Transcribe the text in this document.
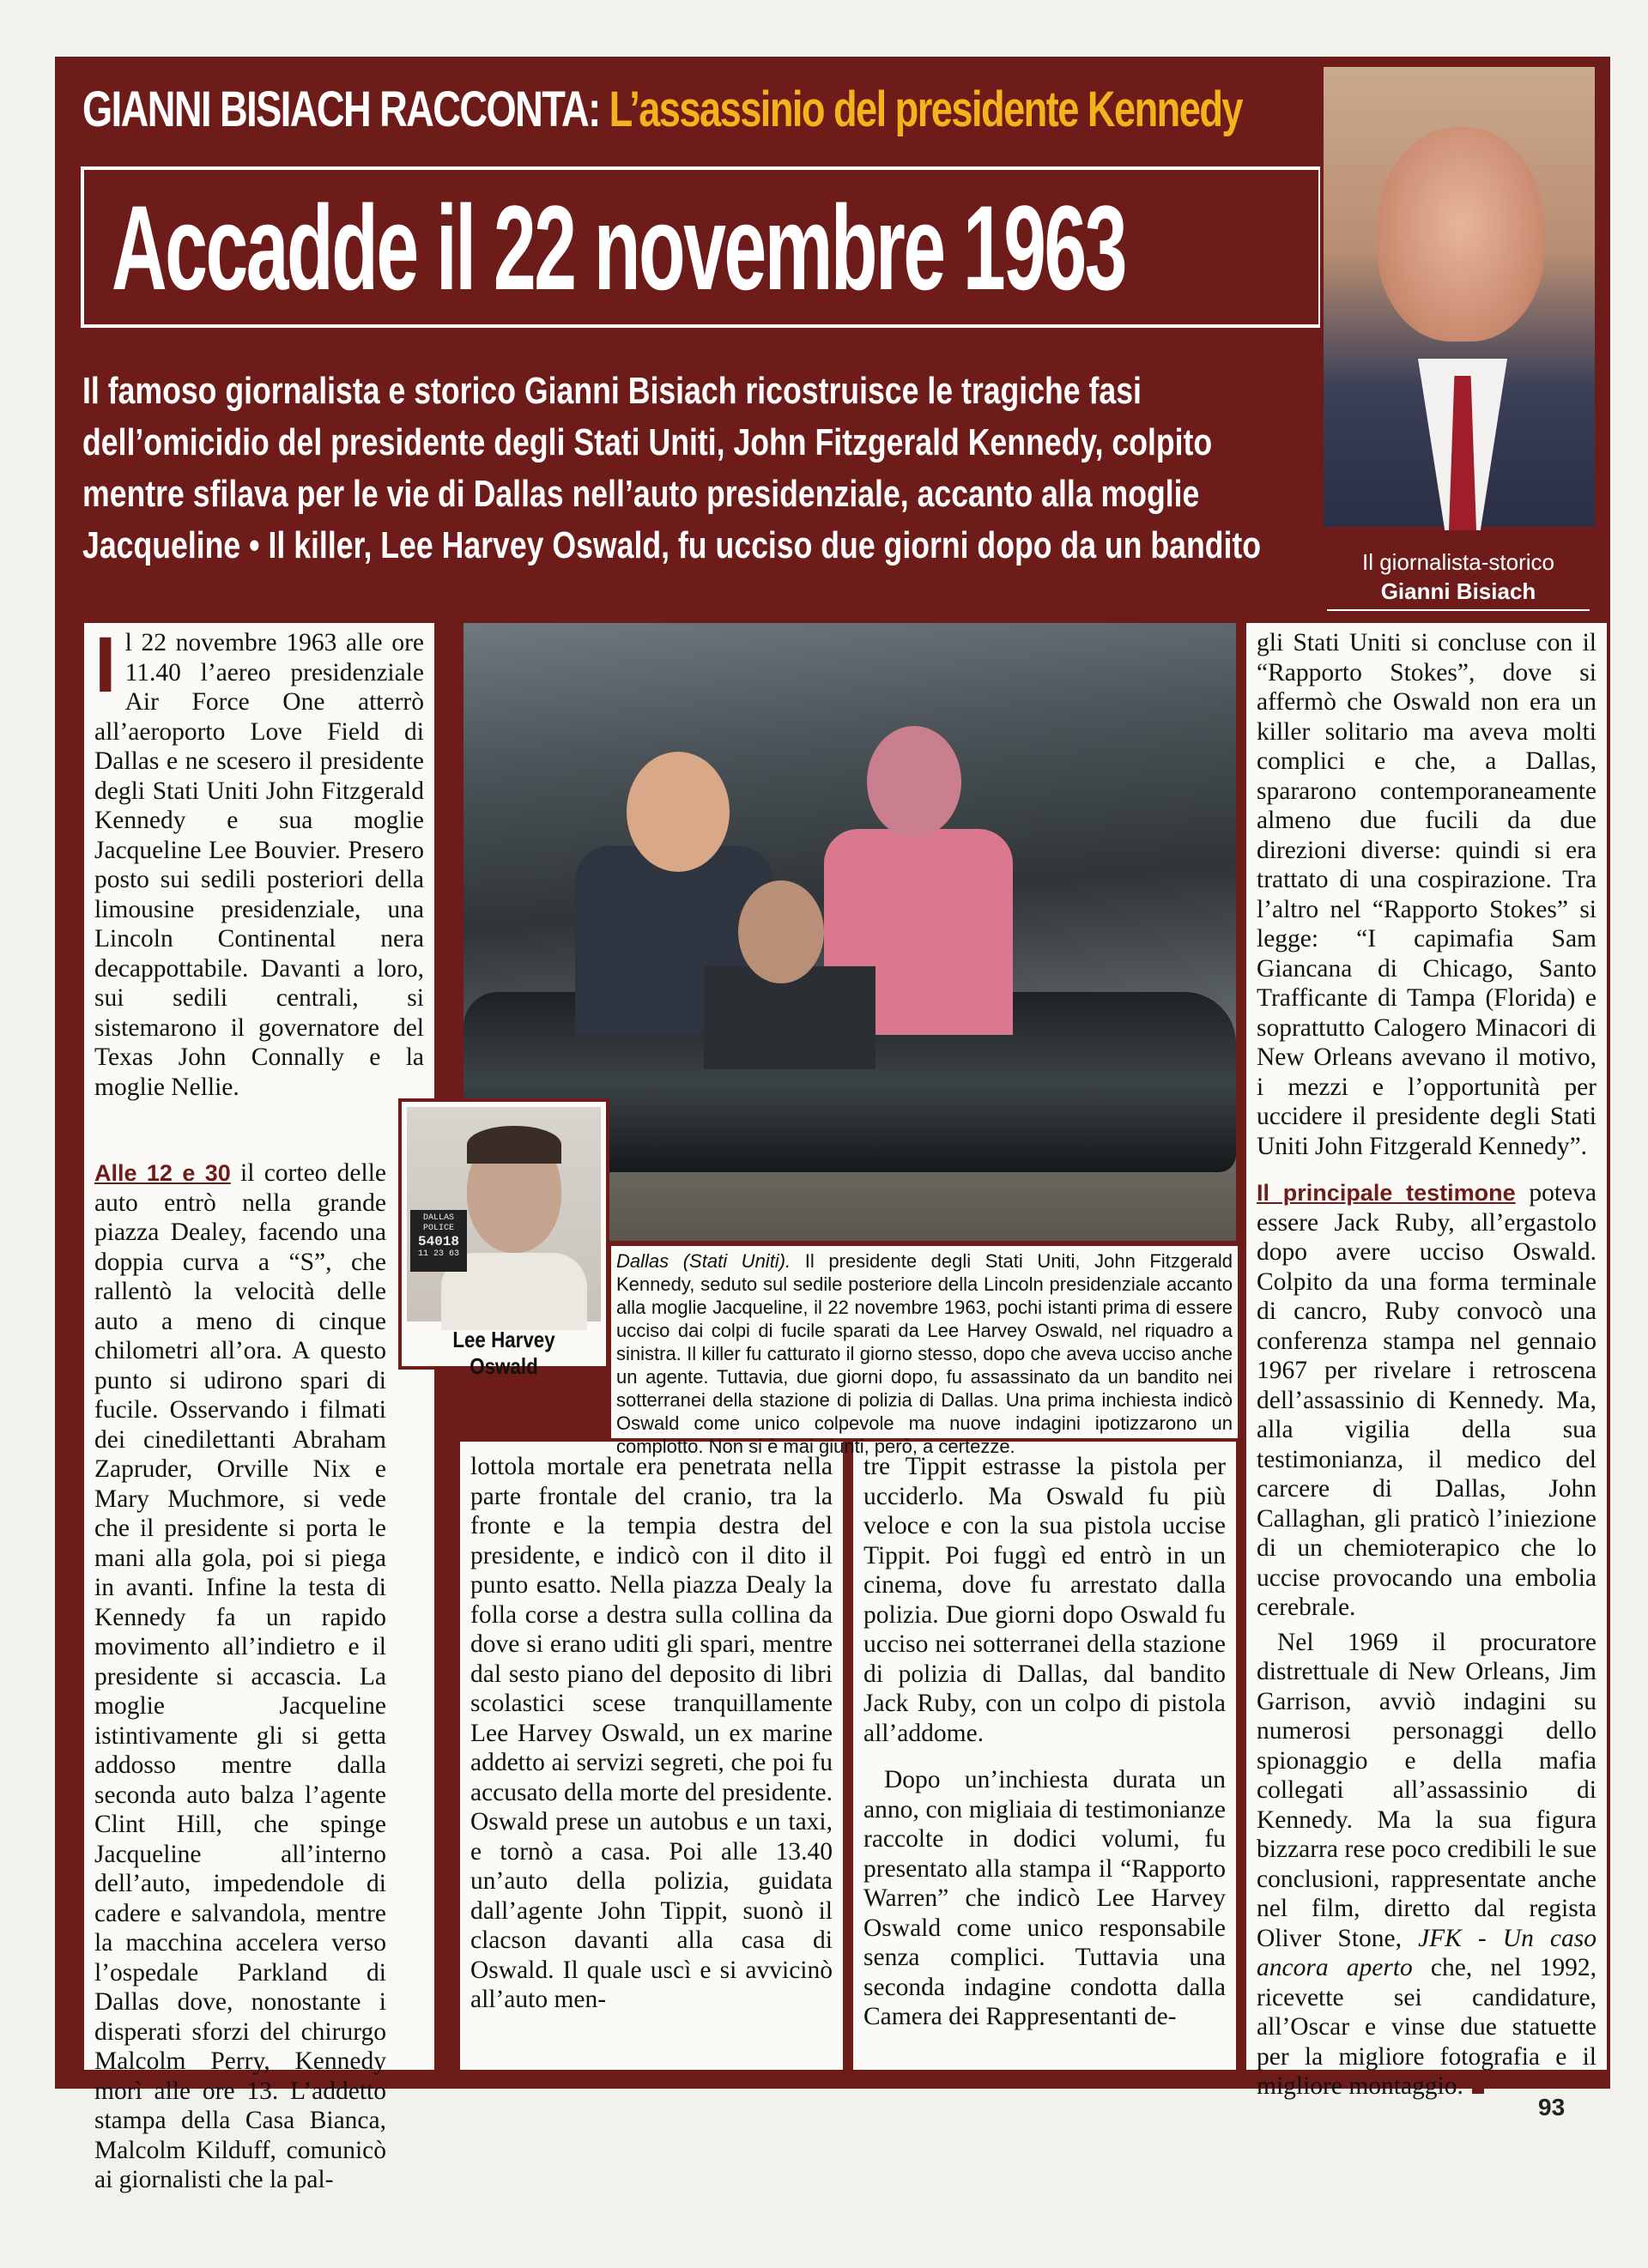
GIANNI BISIACH RACCONTA: L’assassinio del presidente Kennedy
Accadde il 22 novembre 1963
Il famoso giornalista e storico Gianni Bisiach ricostruisce le tragiche fasi
dell’omicidio del presidente degli Stati Uniti, John Fitzgerald Kennedy, colpito
mentre sfilava per le vie di Dallas nell’auto presidenziale, accanto alla moglie
Jacqueline • Il killer, Lee Harvey Oswald, fu ucciso due giorni dopo da un bandito	Il giornalista-storico
Gianni Bisiach

Il 22 novembre 1963 alle ore 11.40 l’aereo presidenziale Air Force One atterrò all’aeroporto Love Field di Dallas e ne scesero il presidente degli Stati Uniti John Fitzgerald Kennedy e sua moglie Jacqueline Lee Bouvier. Presero posto sui sedili posteriori della limousine presidenziale, una Lincoln Continental nera decappottabile. Davanti a loro, sui sedili centrali, si sistemarono il governatore del Texas John Connally e la moglie Nellie.

Alle 12 e 30 il corteo delle auto entrò nella grande piazza Dealey, facendo una doppia curva a “S”, che rallentò la velocità delle auto a meno di cinque chilometri all’ora. A questo punto si udirono spari di fucile. Osservando i filmati dei cinedilettanti Abraham Zapruder, Orville Nix e Mary Muchmore, si vede che il presidente si porta le mani alla gola, poi si piega in avanti. Infine la testa di Kennedy fa un rapido movimento all’indietro e il presidente si accascia. La moglie Jacqueline istintivamente gli si getta addosso mentre dalla seconda auto balza l’agente Clint Hill, che spinge Jacqueline all’interno dell’auto, impedendole di cadere e salvandola, mentre la macchina accelera verso l’ospedale Parkland di Dallas dove, nonostante i disperati sforzi del chirurgo Malcolm Perry, Kennedy morì alle ore 13. L’addetto stampa della Casa Bianca, Malcolm Kilduff, comunicò ai giornalisti che la pal-

lottola mortale era penetrata nella parte frontale del cranio, tra la fronte e la tempia destra del presidente, e indicò con il dito il punto esatto. Nella piazza Dealy la folla corse a destra sulla collina da dove si erano uditi gli spari, mentre dal sesto piano del deposito di libri scolastici scese tranquillamente Lee Harvey Oswald, un ex marine addetto ai servizi segreti, che poi fu accusato della morte del presidente. Oswald prese un autobus e un taxi, e tornò a casa. Poi alle 13.40 un’auto della polizia, guidata dall’agente John Tippit, suonò il clacson davanti alla casa di Oswald. Il quale uscì e si avvicinò all’auto men-

tre Tippit estrasse la pistola per ucciderlo. Ma Oswald fu più veloce e con la sua pistola uccise Tippit. Poi fuggì ed entrò in un cinema, dove fu arrestato dalla polizia. Due giorni dopo Oswald fu ucciso nei sotterranei della stazione di polizia di Dallas, dal bandito Jack Ruby, con un colpo di pistola all’addome.

Dopo un’inchiesta durata un anno, con migliaia di testimonianze raccolte in dodici volumi, fu presentato alla stampa il “Rapporto Warren” che indicò Lee Harvey Oswald come unico responsabile senza complici. Tuttavia una seconda indagine condotta dalla Camera dei Rappresentanti de-

gli Stati Uniti si concluse con il “Rapporto Stokes”, dove si affermò che Oswald non era un killer solitario ma aveva molti complici e che, a Dallas, spararono contemporaneamente almeno due fucili da due direzioni diverse: quindi si era trattato di una cospirazione. Tra l’altro nel “Rapporto Stokes” si legge: “I capimafia Sam Giancana di Chicago, Santo Trafficante di Tampa (Florida) e soprattutto Calogero Minacori di New Orleans avevano il motivo, i mezzi e l’opportunità per uccidere il presidente degli Stati Uniti John Fitzgerald Kennedy”.

Il principale testimone poteva essere Jack Ruby, all’ergastolo dopo avere ucciso Oswald. Colpito da una forma terminale di cancro, Ruby convocò una conferenza stampa nel gennaio 1967 per rivelare i retroscena dell’assassinio di Kennedy. Ma, alla vigilia della sua testimonianza, il medico del carcere di Dallas, John Callaghan, gli praticò l’iniezione di un chemioterapico che lo uccise provocando una embolia cerebrale.

Nel 1969 il procuratore distrettuale di New Orleans, Jim Garrison, avviò indagini su numerosi personaggi dello spionaggio e della mafia collegati all’assassinio di Kennedy. Ma la sua figura bizzarra rese poco credibili le sue conclusioni, rappresentate anche nel film, diretto dal regista Oliver Stone, JFK - Un caso ancora aperto che, nel 1992, ricevette sei candidature, all’Oscar e vinse due statuette per la migliore fotografia e il migliore montaggio.

DALLAS POLICE
54018
11 23 63
Lee Harvey Oswald
Dallas (Stati Uniti). Il presidente degli Stati Uniti, John Fitzgerald Kennedy, seduto sul sedile posteriore della Lincoln presidenziale accanto alla moglie Jacqueline, il 22 novembre 1963, pochi istanti prima di essere ucciso dai colpi di fucile sparati da Lee Harvey Oswald, nel riquadro a sinistra. Il killer fu catturato il giorno stesso, dopo che aveva ucciso anche un agente. Tuttavia, due giorni dopo, fu assassinato da un bandito nei sotterranei della stazione di polizia di Dallas. Una prima inchiesta indicò Oswald come unico colpevole ma nuove indagini ipotizzarono un complotto. Non si è mai giunti, però, a certezze.
93
